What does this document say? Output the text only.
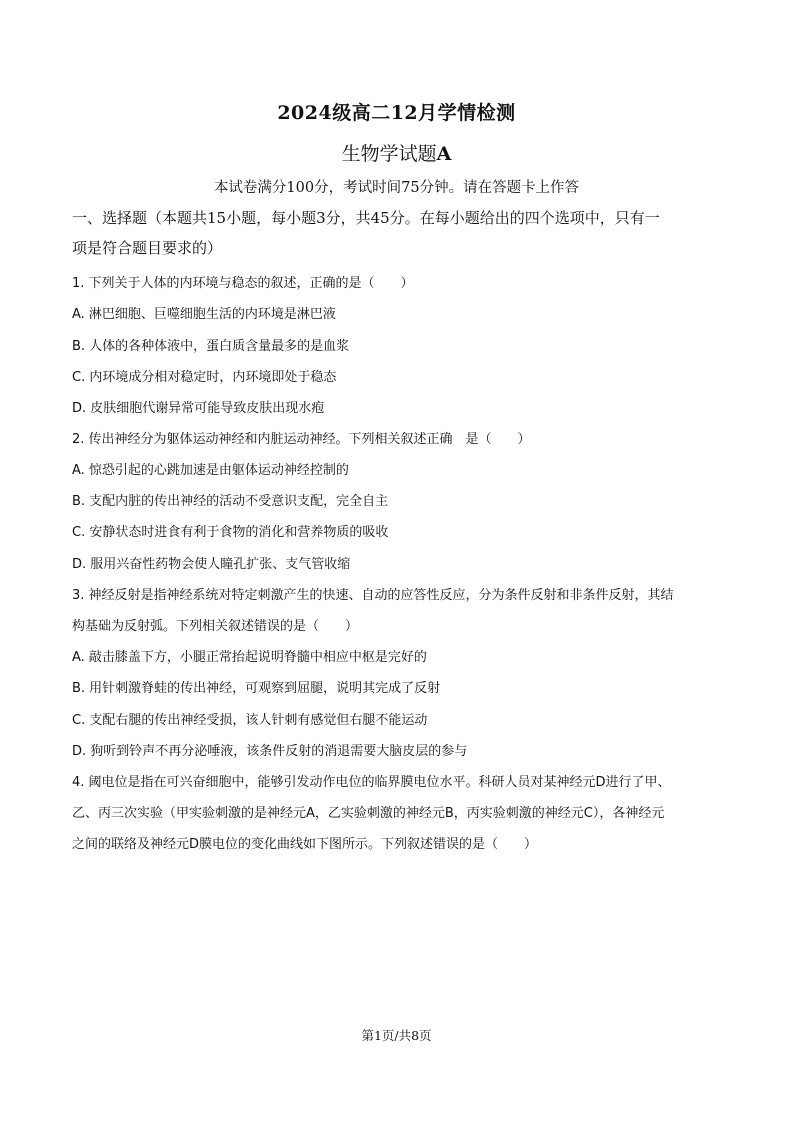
2024级高二12月学情检测
生物学试题A
本试卷满分100分，考试时间75分钟。请在答题卡上作答
一、选择题（本题共15小题，每小题3分，共45分。在每小题给出的四个选项中，只有一
项是符合题目要求的）
1. 下列关于人体的内环境与稳态的叙述，正确的是（　　）
A. 淋巴细胞、巨噬细胞生活的内环境是淋巴液
B. 人体的各种体液中，蛋白质含量最多的是血浆
C. 内环境成分相对稳定时，内环境即处于稳态
D. 皮肤细胞代谢异常可能导致皮肤出现水疱
2. 传出神经分为躯体运动神经和内脏运动神经。下列相关叙述正确　是（　　）
A. 惊恐引起的心跳加速是由躯体运动神经控制的
B. 支配内脏的传出神经的活动不受意识支配，完全自主
C. 安静状态时进食有利于食物的消化和营养物质的吸收
D. 服用兴奋性药物会使人瞳孔扩张、支气管收缩
3. 神经反射是指神经系统对特定刺激产生的快速、自动的应答性反应，分为条件反射和非条件反射，其结
构基础为反射弧。下列相关叙述错误的是（　　）
A. 敲击膝盖下方，小腿正常抬起说明脊髓中相应中枢是完好的
B. 用针刺激脊蛙的传出神经，可观察到屈腿，说明其完成了反射
C. 支配右腿的传出神经受损，该人针刺有感觉但右腿不能运动
D. 狗听到铃声不再分泌唾液，该条件反射的消退需要大脑皮层的参与
4. 阈电位是指在可兴奋细胞中，能够引发动作电位的临界膜电位水平。科研人员对某神经元D进行了甲、
乙、丙三次实验（甲实验刺激的是神经元A，乙实验刺激的神经元B，丙实验刺激的神经元C），各神经元
之间的联络及神经元D膜电位的变化曲线如下图所示。下列叙述错误的是（　　）
第1页/共8页
